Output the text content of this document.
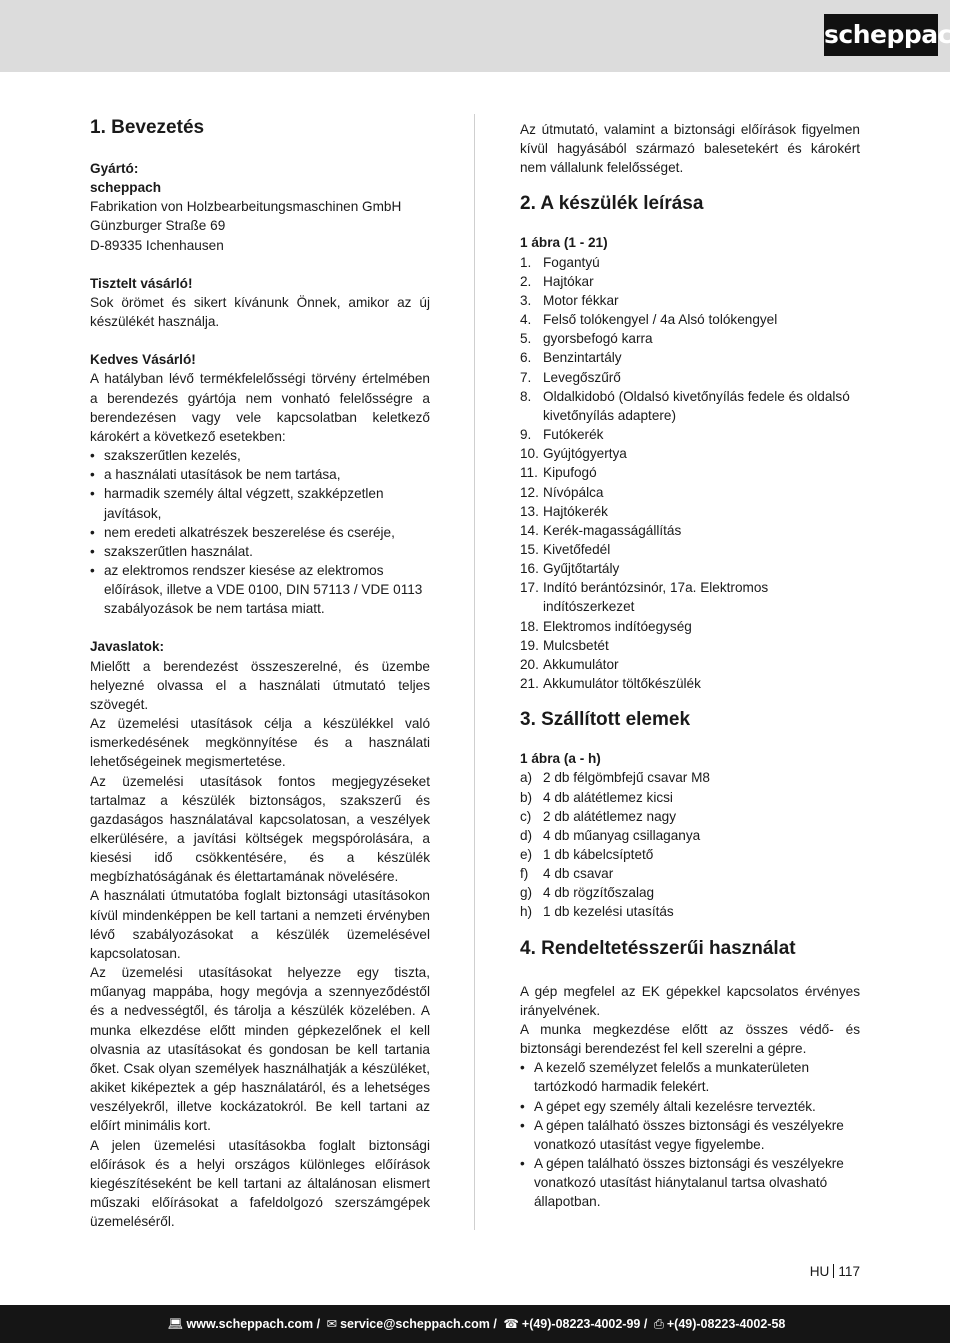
scheppach
1. Bevezetés
Gyártó:
scheppach
Fabrikation von Holzbearbeitungsmaschinen GmbH
Günzburger Straße 69
D-89335 Ichenhausen
Tisztelt vásárló!

Sok örömet és sikert kívánunk Önnek, amikor az új készülékét használja.

Kedves Vásárló!

A hatályban lévő termékfelelősségi törvény értelmében a berendezés gyártója nem vonható felelősségre a berendezésen vagy vele kapcsolatban keletkező károkért a következő esetekben:

• szakszerűtlen kezelés,
• a használati utasítások be nem tartása,
• harmadik személy által végzett, szakképzetlen javítások,
• nem eredeti alkatrészek beszerelése és cseréje,
• szakszerűtlen használat.
• az elektromos rendszer kiesése az elektromos előírások, illetve a VDE 0100, DIN 57113 / VDE 0113 szabályozások be nem tartása miatt.
Javaslatok:

Mielőtt a berendezést összeszerelné, és üzembe helyezné olvassa el a használati útmutató teljes szövegét.

Az üzemelési utasítások célja a készülékkel való ismerkedésének megkönnyítése és a használati lehetőségeinek megismertetése.

Az üzemelési utasítások fontos megjegyzéseket tartalmaz a készülék biztonságos, szakszerű és gazdaságos használatával kapcsolatosan, a veszélyek elkerülésére, a javítási költségek megspórolására, a kiesési idő csökkentésére, és a készülék megbízhatóságának és élettartamának növelésére.

A használati útmutatóba foglalt biztonsági utasításokon kívül mindenképpen be kell tartani a nemzeti érvényben lévő szabályozásokat a készülék üzemelésével kapcsolatosan.

Az üzemelési utasításokat helyezze egy tiszta, műanyag mappába, hogy megóvja a szennyeződéstől és a nedvességtől, és tárolja a készülék közelében. A munka elkezdése előtt minden gépkezelőnek el kell olvasnia az utasításokat és gondosan be kell tartania őket. Csak olyan személyek használhatják a készüléket, akiket kiképeztek a gép használatáról, és a lehetséges veszélyekről, illetve kockázatokról. Be kell tartani az előírt minimális kort.

A jelen üzemelési utasításokba foglalt biztonsági előírások és a helyi országos különleges előírások kiegészítéseként be kell tartani az általánosan elismert műszaki előírásokat a fafeldolgozó szerszámgépek üzemeléséről.

Az útmutató, valamint a biztonsági előírások figyelmen kívül hagyásából származó balesetekért és károkért nem vállalunk felelősséget.

2. A készülék leírása
1 ábra (1 - 21)
1. Fogantyú
2. Hajtókar
3. Motor fékkar
4. Felső tolókengyel / 4a Alsó tolókengyel
5. gyorsbefogó karra
6. Benzintartály
7. Levegőszűrő
8. Oldalkidobó (Oldalsó kivetőnyílás fedele és oldalsó kivetőnyílás adaptere)
9. Futókerék
10. Gyújtógyertya
11. Kipufogó
12. Nívópálca
13. Hajtókerék
14. Kerék-magasságállítás
15. Kivetőfedél
16. Gyűjtőtartály
17. Indító berántózsinór, 17a. Elektromos indítószerkezet
18. Elektromos indítóegység
19. Mulcsbetét
20. Akkumulátor
21. Akkumulátor töltőkészülék
3. Szállított elemek
1 ábra (a - h)
a) 2 db félgömbfejű csavar M8
b) 4 db alátétlemez kicsi
c) 2 db alátétlemez nagy
d) 4 db műanyag csillaganya
e) 1 db kábelcsíptető
f) 4 db csavar
g) 4 db rögzítőszalag
h) 1 db kezelési utasítás
4. Rendeltetésszerűi használat

A gép megfelel az EK gépekkel kapcsolatos érvényes irányelvének.

A munka megkezdése előtt az összes védő- és biztonsági berendezést fel kell szerelni a gépre.

• A kezelő személyzet felelős a munkaterületen tartózkodó harmadik felekért.
• A gépet egy személy általi kezelésre tervezték.
• A gépen található összes biztonsági és veszélyekre vonatkozó utasítást vegye figyelembe.
• A gépen található összes biztonsági és veszélyekre vonatkozó utasítást hiánytalanul tartsa olvasható állapotban.
HU 117
💻︎ www.scheppach.com / ✉︎ service@scheppach.com / ☎︎ +(49)-08223-4002-99 / ⎙ +(49)-08223-4002-58
